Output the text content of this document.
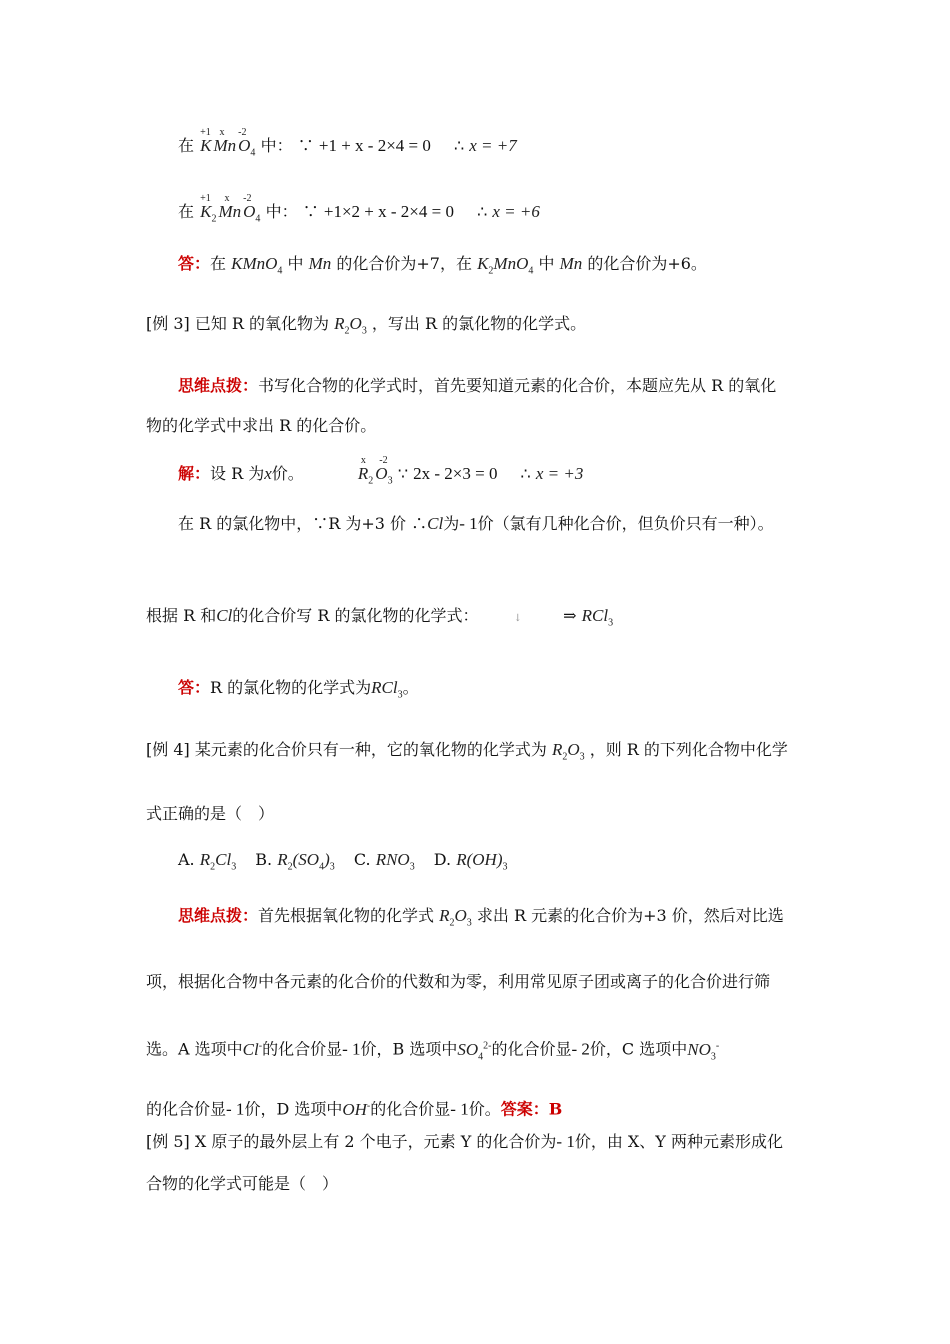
在
+1
K
x
Mn
-2
$O_4$ 中： ∵ +1 + x - 2×4 = 0 ∴ x = +7
在
+1
$K_2$
x
Mn
-2
$O_4$ 中： ∵ +1×2 + x - 2×4 = 0 ∴ x = +6
答：在 KMnO$_4$ 中 Mn 的化合价为+7，在 $K_2MnO_4$ 中 Mn 的化合价为+6。
[例 3] 已知 R 的氧化物为 $R_2O_3$ ，写出 R 的氯化物的化学式。
思维点拨：书写化合物的化学式时，首先要知道元素的化合价，本题应先从 R 的氧化
物的化学式中求出 R 的化合价。
解：设 R 为x价。
x
$R_2$
-2
$O_3$ ∵ 2x - 2×3 = 0 ∴ x = +3
在 R 的氯化物中，∵R 为+3 价 ∴Cl为- 1价（氯有几种化合价，但负价只有一种）。
根据 R 和Cl的化合价写 R 的氯化物的化学式：	↓	⇒ RCl$_3$
答：R 的氯化物的化学式为RCl$_3$。
[例 4] 某元素的化合价只有一种，它的氧化物的化学式为 $R_2O_3$ ，则 R 的下列化合物中化学
式正确的是（　）
A. $R_2Cl_3$ B. $R_2(SO_4)_3$ C. $RNO_3$ D. $R(OH)_3$
思维点拨：首先根据氧化物的化学式 $R_2O_3$ 求出 R 元素的化合价为+3 价，然后对比选
项，根据化合物中各元素的化合价的代数和为零，利用常见原子团或离子的化合价进行筛
选。A 选项中Cl-的化合价显- 1价，B 选项中$SO_4^{2-}$的化合价显- 2价，C 选项中$NO_3^-$
的化合价显- 1价，D 选项中OH-的化合价显- 1价。答案：B
[例 5] X 原子的最外层上有 2 个电子，元素 Y 的化合价为- 1价，由 X、Y 两种元素形成化
合物的化学式可能是（　）
